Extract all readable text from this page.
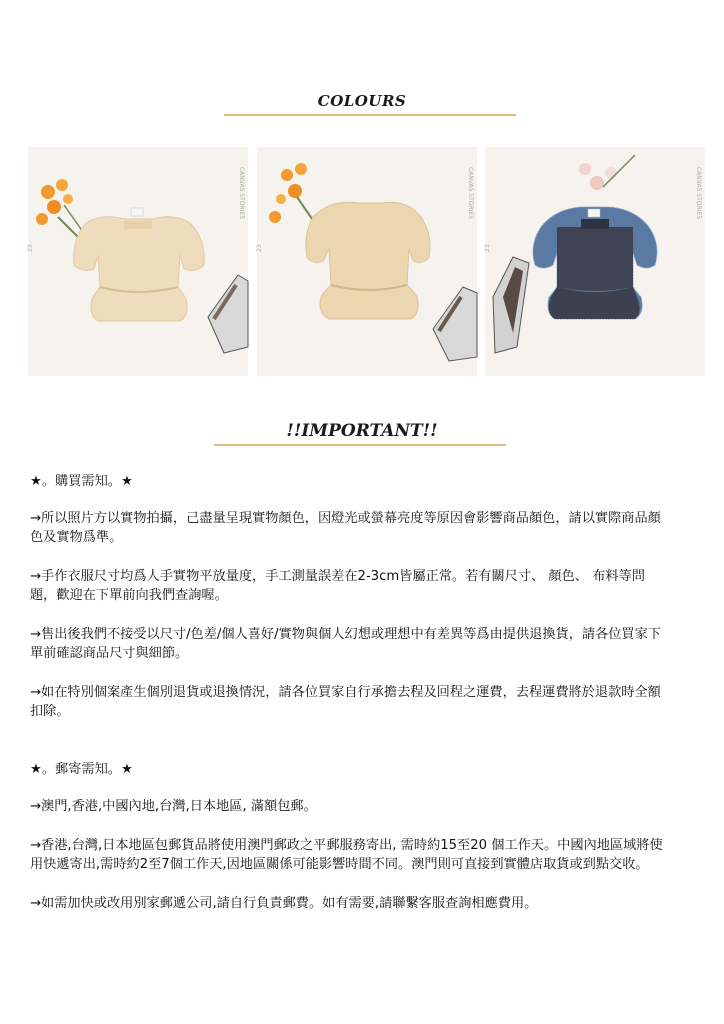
COLOURS
CANVAS STORIES
23
CANVAS STORIES
23
CANVAS STORIES
23
!!IMPORTANT!!

★。購買需知。★

→所以照片方以實物拍攝，己盡量呈現實物顏色，因燈光或螢幕亮度等原因會影響商品顏色，請以實際商品顏色及實物爲準。

→手作衣服尺寸均爲人手實物平放量度，手工測量誤差在2-3cm皆屬正常。若有關尺寸、 顏色、 布料等問題，歡迎在下單前向我們查詢喔。

→售出後我們不接受以尺寸/色差/個人喜好/實物與個人幻想或理想中有差異等爲由提供退換貨，請各位買家下單前確認商品尺寸與細節。

→如在特別個案產生個別退貨或退換情況，請各位買家自行承擔去程及回程之運費，去程運費將於退款時全額扣除。

★。郵寄需知。★

→澳門,香港,中國內地,台灣,日本地區, 滿額包郵。

→香港,台灣,日本地區包郵貨品將使用澳門郵政之平郵服務寄出, 需時約15至20 個工作天。中國內地區域將使用快遞寄出,需時約2至7個工作天,因地區關係可能影響時間不同。澳門則可直接到實體店取貨或到點交收。

→如需加快或改用別家郵遞公司,請自行負責郵費。如有需要,請聯繫客服查詢相應費用。
